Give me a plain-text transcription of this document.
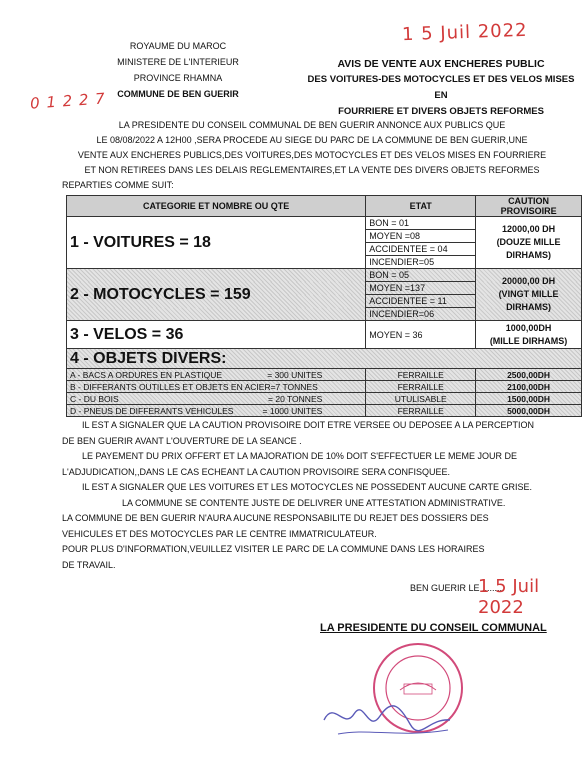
ROYAUME DU MAROC
MINISTERE DE L'INTERIEUR
PROVINCE RHAMNA
COMMUNE DE BEN GUERIR
1 5 Juil 2022
AVIS DE VENTE AUX ENCHERES PUBLIC
DES VOITURES-DES MOTOCYCLES ET DES VELOS MISES EN
FOURRIERE ET DIVERS OBJETS REFORMES
0 1 2 2 7
LA PRESIDENTE DU CONSEIL COMMUNAL DE BEN GUERIR ANNONCE AUX PUBLICS QUE
LE 08/08/2022 A 12H00 ,SERA PROCEDE AU SIEGE DU PARC DE LA COMMUNE DE BEN GUERIR,UNE
VENTE AUX ENCHERES PUBLICS,DES VOITURES,DES MOTOCYCLES ET DES VELOS MISES EN FOURRIERE
ET NON RETIREES DANS LES DELAIS REGLEMENTAIRES,ET LA VENTE DES DIVERS OBJETS REFORMES
REPARTIES COMME SUIT:
CATEGORIE ET NOMBRE OU QTE	ETAT	CAUTION PROVISOIRE
1 - VOITURES = 18	BON = 01	12000,00 DH
(DOUZE MILLE
DIRHAMS)

	MOYEN =08	
	ACCIDENTEE = 04	
	INCENDIER=05	
2 - MOTOCYCLES = 159	BON = 05	20000,00 DH
(VINGT MILLE
DIRHAMS)

	MOYEN =137	
	ACCIDENTEE = 11	
	INCENDIER=06	
3 - VELOS = 36	MOYEN = 36	1000,00DH
(MILLE DIRHAMS)

4 - OBJETS DIVERS:		
A - BACS A ORDURES EN PLASTIQUE = 300 UNITES	FERRAILLE	2500,00DH
B - DIFFERANTS OUTILLES ET OBJETS EN ACIER=7 TONNES	FERRAILLE	2100,00DH
C - DU BOIS = 20 TONNES	UTULISABLE	1500,00DH
D - PNEUS DE DIFFERANTS VEHICULES = 1000 UNITES	FERRAILLE	5000,00DH

IL EST A SIGNALER QUE LA CAUTION PROVISOIRE DOIT ETRE VERSEE OU DEPOSEE A LA PERCEPTION

DE BEN GUERIR AVANT L'OUVERTURE DE LA SEANCE .

LE PAYEMENT DU PRIX OFFERT ET LA MAJORATION DE 10% DOIT S'EFFECTUER LE MEME JOUR DE

L'ADJUDICATION,,DANS LE CAS ECHEANT LA CAUTION PROVISOIRE SERA CONFISQUEE.

IL EST A SIGNALER QUE LES VOITURES ET LES MOTOCYCLES NE POSSEDENT AUCUNE CARTE GRISE.

LA COMMUNE SE CONTENTE JUSTE DE DELIVRER UNE ATTESTATION ADMINISTRATIVE.

LA COMMUNE DE BEN GUERIR N'AURA AUCUNE RESPONSABILITE DU REJET DES DOSSIERS DES

VEHICULES ET DES MOTOCYCLES PAR LE CENTRE IMMATRICULATEUR.

POUR PLUS D'INFORMATION,VEUILLEZ VISITER LE PARC DE LA COMMUNE DANS LES HORAIRES

DE TRAVAIL.

BEN GUERIR LE .........
1 5 Juil 2022
LA PRESIDENTE DU CONSEIL COMMUNAL
